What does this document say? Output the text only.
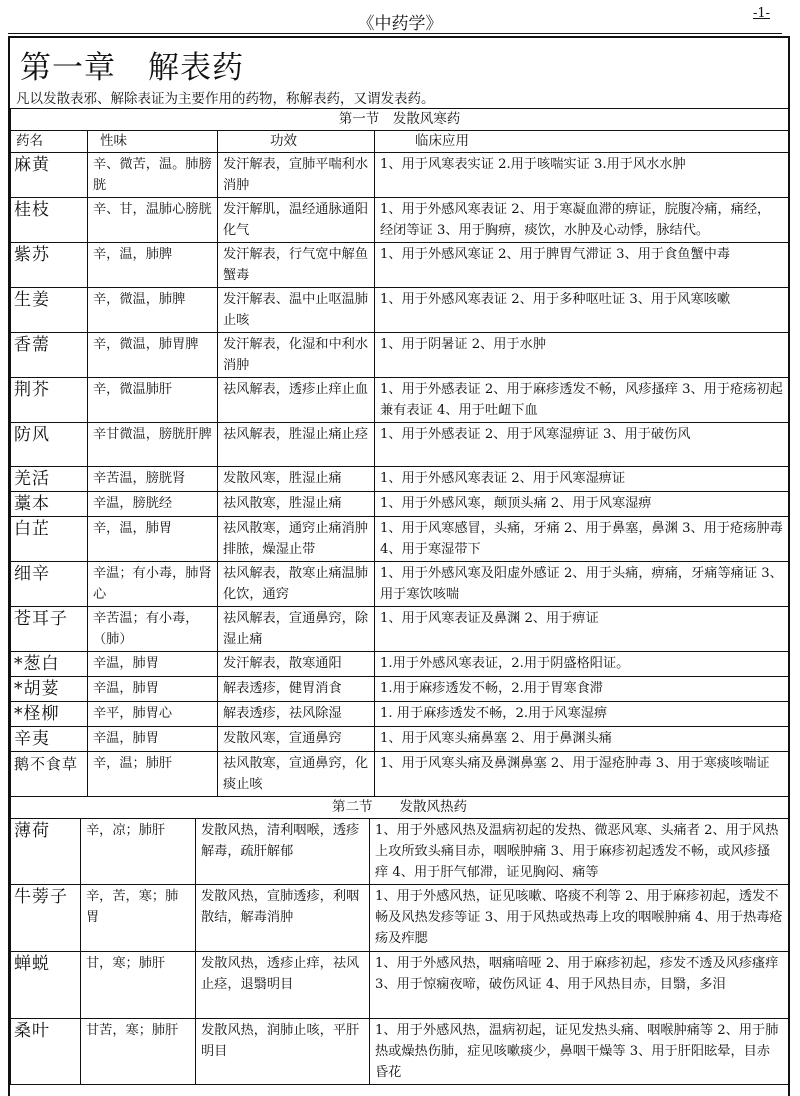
《中药学》
-1-
第一章　解表药
凡以发散表邪、解除表证为主要作用的药物，称解表药，又谓发表药。
第一节　发散风寒药			
药名	性味	功效	临床应用
麻黄	辛、微苦，温。肺膀胱	发汗解表，宣肺平喘利水消肿	1、用于风寒表实证 2.用于咳喘实证 3.用于风水水肿
桂枝	辛、甘，温肺心膀胱	发汗解肌，温经通脉通阳化气	1、用于外感风寒表证 2、用于寒凝血滞的痹证，脘腹冷痛，痛经，经闭等证 3、用于胸痹，痰饮，水肿及心动悸，脉结代。
紫苏	辛，温，肺脾	发汗解表，行气宽中解鱼蟹毒	1、用于外感风寒证 2、用于脾胃气滞证 3、用于食鱼蟹中毒
生姜	辛，微温，肺脾	发汗解表、温中止呕温肺止咳	1、用于外感风寒表证 2、用于多种呕吐证 3、用于风寒咳嗽
香薷	辛，微温，肺胃脾	发汗解表，化湿和中利水消肿	1、用于阴暑证 2、用于水肿
荆芥	辛，微温肺肝	祛风解表，透疹止痒止血	1、用于外感表证 2、用于麻疹透发不畅，风疹搔痒 3、用于疮疡初起兼有表证 4、用于吐衄下血
防风	辛甘微温，膀胱肝脾	祛风解表，胜湿止痛止痉	1、用于外感表证 2、用于风寒湿痹证 3、用于破伤风
羌活	辛苦温，膀胱肾	发散风寒，胜湿止痛	1、用于外感风寒表证 2、用于风寒湿痹证
藁本	辛温，膀胱经	祛风散寒，胜湿止痛	1、用于外感风寒，颠顶头痛 2、用于风寒湿痹
白芷	辛，温，肺胃	祛风散寒，通窍止痛消肿排脓，燥湿止带	1、用于风寒感冒，头痛，牙痛 2、用于鼻塞，鼻渊 3、用于疮疡肿毒 4、用于寒湿带下
细辛	辛温；有小毒，肺肾心	祛风解表，散寒止痛温肺化饮，通窍	1、用于外感风寒及阳虚外感证 2、用于头痛，痹痛，牙痛等痛证 3、用于寒饮咳喘
苍耳子	辛苦温；有小毒，（肺）	祛风解表，宣通鼻窍，除湿止痛	1、用于风寒表证及鼻渊 2、用于痹证
*葱白	辛温，肺胃	发汗解表，散寒通阳	1.用于外感风寒表证，2.用于阴盛格阳证。
*胡荽	辛温，肺胃	解表透疹，健胃消食	1.用于麻疹透发不畅，2.用于胃寒食滞
*柽柳	辛平，肺胃心	解表透疹，祛风除湿	1. 用于麻疹透发不畅，2.用于风寒湿痹
辛夷	辛温，肺胃	发散风寒，宣通鼻窍	1、用于风寒头痛鼻塞 2、用于鼻渊头痛
鹅不食草	辛，温；肺肝	祛风散寒，宣通鼻窍，化痰止咳	1、用于风寒头痛及鼻渊鼻塞 2、用于湿疮肿毒 3、用于寒痰咳喘证
第二节　　发散风热药			
薄荷	辛，凉；肺肝	发散风热，清利咽喉，透疹解毒，疏肝解郁	1、用于外感风热及温病初起的发热、微恶风寒、头痛者 2、用于风热上攻所致头痛目赤，咽喉肿痛 3、用于麻疹初起透发不畅，或风疹搔痒 4、用于肝气郁滞，证见胸闷、痛等
牛蒡子	辛，苦，寒；肺胃	发散风热，宣肺透疹，利咽散结，解毒消肿	1、用于外感风热，证见咳嗽、咯痰不利等 2、用于麻疹初起，透发不畅及风热发疹等证 3、用于风热或热毒上攻的咽喉肿痛 4、用于热毒疮疡及痄腮
蝉蜕	甘，寒；肺肝	发散风热，透疹止痒，祛风止痉，退翳明目	1、用于外感风热，咽痛喑哑 2、用于麻疹初起，疹发不透及风疹瘙痒 3、用于惊痫夜啼，破伤风证 4、用于风热目赤，目翳，多泪
桑叶	甘苦，寒；肺肝	发散风热，润肺止咳，平肝明目	1、用于外感风热，温病初起，证见发热头痛、咽喉肿痛等 2、用于肺热或燥热伤肺，症见咳嗽痰少，鼻咽干燥等 3、用于肝阳眩晕，目赤昏花
